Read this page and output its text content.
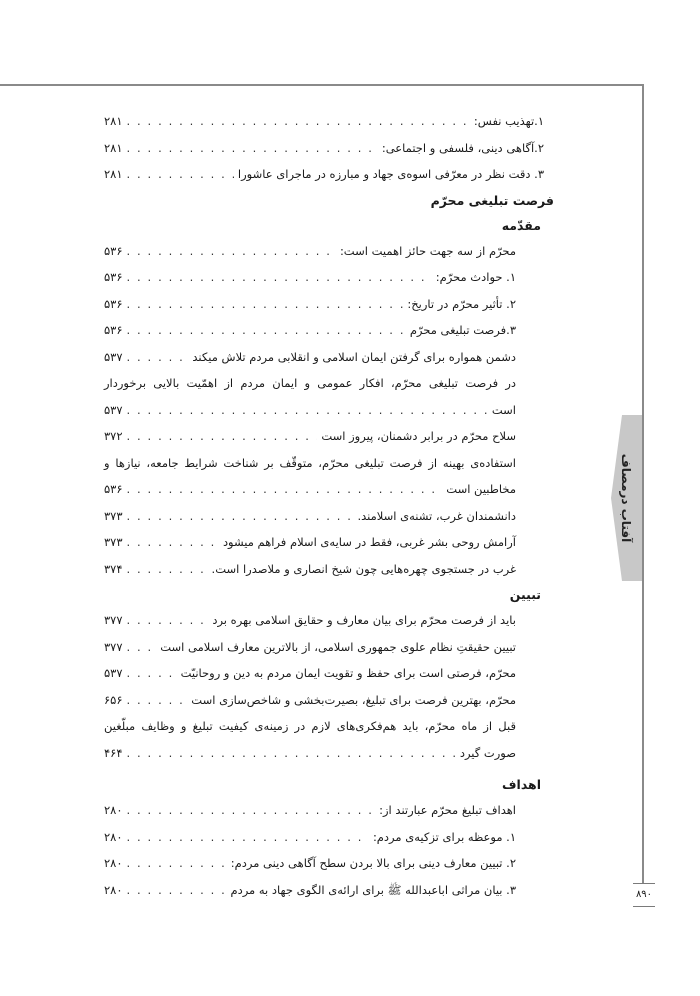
آفتاب درمصاف
۸۹۰
۱.تهذیب نفس:
. . .
۲۸۱
۲.آگاهی دینی، فلسفی و اجتماعی:
. . .
۲۸۱
۳. دقت نظر در معرّفی اسوه‌ی جهاد و مبارزه در ماجرای عاشورا
. . .
۲۸۱
فرصت تبلیغی محرّم
مقدّمه
محرّم از سه جهت حائز اهمیت است:
. . .
۵۳۶
۱. حوادث محرّم:
. . .
۵۳۶
۲. تأثیر محرّم در تاریخ:
. . .
۵۳۶
۳.فرصت تبلیغی محرّم
. . .
۵۳۶
دشمن همواره برای گرفتن ایمان اسلامی و انقلابی مردم تلاش میکند
. . .
۵۳۷
در فرصت تبلیغی محرّم، افکار عمومی و ایمان مردم از اهمّیت بالایی برخوردار
است
. . .
۵۳۷
سلاح محرّم در برابر دشمنان، پیروز است
. . .
۳۷۲
استفاده‌ی بهینه از فرصت تبلیغی محرّم، متوقّف بر شناخت شرایط جامعه، نیازها و
مخاطبین است
. . .
۵۳۶
دانشمندان غرب، تشنه‌ی اسلامند.
. . .
۳۷۳
آرامش روحی بشر غربی، فقط در سایه‌ی اسلام فراهم میشود
. . .
۳۷۳
غرب در جستجوی چهره‌هایی چون شیخ انصاری و ملاصدرا است.
. . .
۳۷۴
تبیین
باید از فرصت محرّم برای بیان معارف و حقایق اسلامی بهره برد
. . .
۳۷۷
تبیین حقیقتِ نظام علوی جمهوری اسلامی، از بالاترین معارف اسلامی است
. . .
۳۷۷
محرّم، فرصتی است برای حفظ و تقویت ایمان مردم به دین و روحانیّت
. . .
۵۳۷
محرّم، بهترین فرصت برای تبلیغ، بصیرت‌بخشی و شاخص‌سازی است
. . .
۶۵۶
قبل از ماه محرّم، باید هم‌فکری‌های لازم در زمینه‌ی کیفیت تبلیغ و وظایف مبلّغین
صورت گیرد
. . .
۴۶۴
اهداف
اهداف تبلیغ محرّم عبارتند از:
. . .
۲۸۰
۱. موعظه برای تزکیه‌ی مردم:
. . .
۲۸۰
۲. تبیین معارف دینی برای بالا بردن سطح آگاهی دینی مردم:
. . .
۲۸۰
۳. بیان مراثی اباعبدالله ﷺ برای ارائه‌ی الگوی جهاد به مردم
. . .
۲۸۰
